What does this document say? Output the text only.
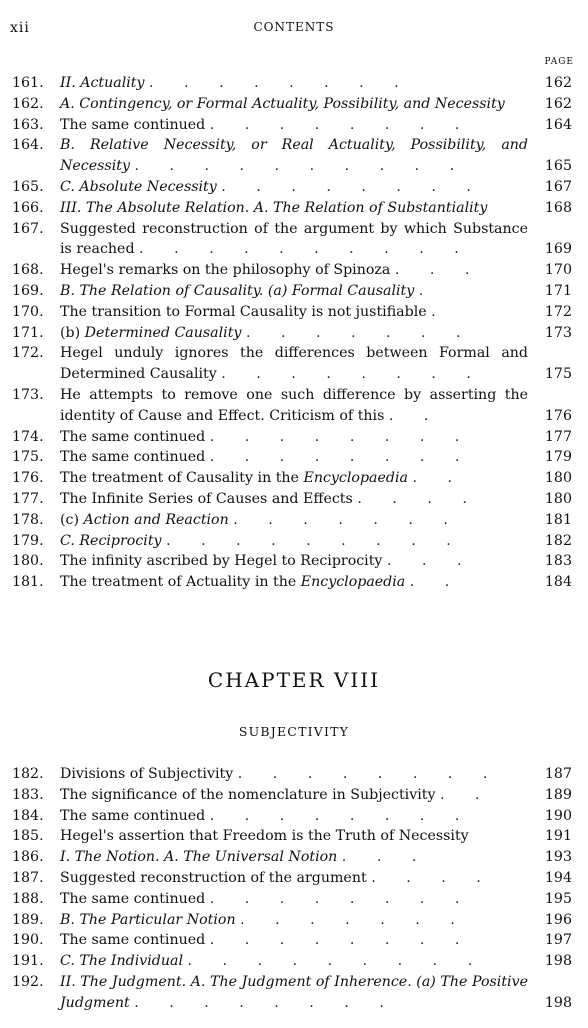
xii	CONTENTS
PAGE
161.	II. Actuality . . . . . . . .	162
162.	A. Contingency, or Formal Actuality, Possibility, and Necessity	162
163.	The same continued . . . . . . . .	164
164.	B. Relative Necessity, or Real Actuality, Possibility, and Necessity . . . . . . . . . .	165
165.	C. Absolute Necessity . . . . . . . .	167
166.	III. The Absolute Relation. A. The Relation of Substantiality	168
167.	Suggested reconstruction of the argument by which Substance is reached . . . . . . . . . .	169
168.	Hegel's remarks on the philosophy of Spinoza . . .	170
169.	B. The Relation of Causality. (a) Formal Causality .	171
170.	The transition to Formal Causality is not justifiable .	172
171.	(b) Determined Causality . . . . . . .	173
172.	Hegel unduly ignores the differences between Formal and Determined Causality . . . . . . . .	175
173.	He attempts to remove one such difference by asserting the identity of Cause and Effect. Criticism of this . .	176
174.	The same continued . . . . . . . .	177
175.	The same continued . . . . . . . .	179
176.	The treatment of Causality in the Encyclopaedia . .	180
177.	The Infinite Series of Causes and Effects . . . .	180
178.	(c) Action and Reaction . . . . . . .	181
179.	C. Reciprocity . . . . . . . . .	182
180.	The infinity ascribed by Hegel to Reciprocity . . .	183
181.	The treatment of Actuality in the Encyclopaedia . .	184
CHAPTER VIII
SUBJECTIVITY
182.	Divisions of Subjectivity . . . . . . . .	187
183.	The significance of the nomenclature in Subjectivity . .	189
184.	The same continued . . . . . . . .	190
185.	Hegel's assertion that Freedom is the Truth of Necessity	191
186.	I. The Notion. A. The Universal Notion . . .	193
187.	Suggested reconstruction of the argument . . . .	194
188.	The same continued . . . . . . . .	195
189.	B. The Particular Notion . . . . . . .	196
190.	The same continued . . . . . . . .	197
191.	C. The Individual . . . . . . . . .	198
192.	II. The Judgment. A. The Judgment of Inherence. (a) The Positive Judgment . . . . . . . .	198
